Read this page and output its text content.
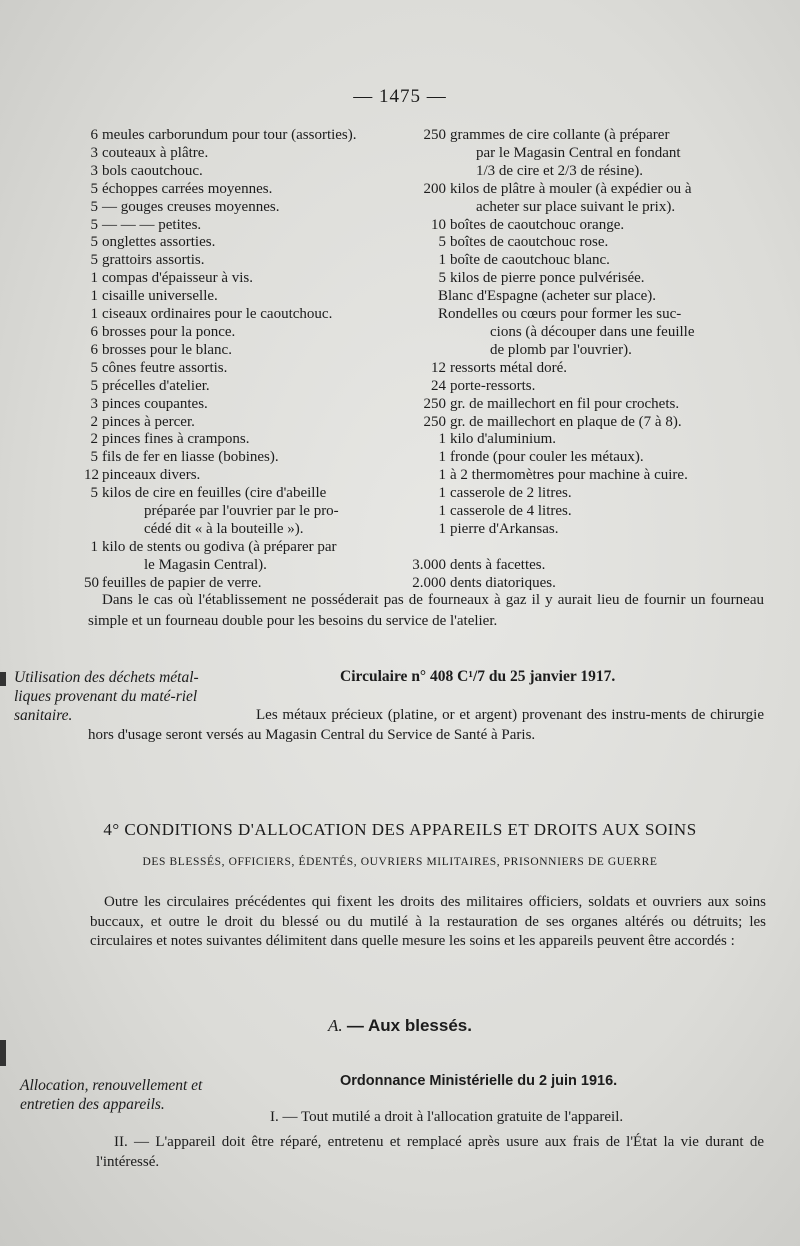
— 1475 —
6 meules carborundum pour tour (assorties).
3 couteaux à plâtre.
3 bols caoutchouc.
5 échoppes carrées moyennes.
5 — gouges creuses moyennes.
5 — — — petites.
5 onglettes assorties.
5 grattoirs assortis.
1 compas d'épaisseur à vis.
1 cisaille universelle.
1 ciseaux ordinaires pour le caoutchouc.
6 brosses pour la ponce.
6 brosses pour le blanc.
5 cônes feutre assortis.
5 précelles d'atelier.
3 pinces coupantes.
2 pinces à percer.
2 pinces fines à crampons.
5 fils de fer en liasse (bobines).
12 pinceaux divers.
5 kilos de cire en feuilles (cire d'abeille
préparée par l'ouvrier par le pro-
cédé dit « à la bouteille »).
1 kilo de stents ou godiva (à préparer par
le Magasin Central).
50 feuilles de papier de verre.
250 grammes de cire collante (à préparer
par le Magasin Central en fondant
1/3 de cire et 2/3 de résine).
200 kilos de plâtre à mouler (à expédier ou à
acheter sur place suivant le prix).
10 boîtes de caoutchouc orange.
5 boîtes de caoutchouc rose.
1 boîte de caoutchouc blanc.
5 kilos de pierre ponce pulvérisée.
Blanc d'Espagne (acheter sur place).
Rondelles ou cœurs pour former les suc-
cions (à découper dans une feuille
de plomb par l'ouvrier).
12 ressorts métal doré.
24 porte-ressorts.
250 gr. de maillechort en fil pour crochets.
250 gr. de maillechort en plaque de (7 à 8).
1 kilo d'aluminium.
1 fronde (pour couler les métaux).
1 à 2 thermomètres pour machine à cuire.
1 casserole de 2 litres.
1 casserole de 4 litres.
1 pierre d'Arkansas.

3.000 dents à facettes.
2.000 dents diatoriques.
Dans le cas où l'établissement ne posséderait pas de fourneaux à gaz il y aurait lieu de fournir un fourneau simple et un fourneau double pour les besoins du service de l'atelier.
Utilisation des déchets métal-liques provenant du maté-riel sanitaire.
Circulaire n° 408 C¹/7 du 25 janvier 1917.
Les métaux précieux (platine, or et argent) provenant des instru-ments de chirurgie hors d'usage seront versés au Magasin Central du Service de Santé à Paris.
4° CONDITIONS D'ALLOCATION DES APPAREILS ET DROITS AUX SOINS
DES BLESSÉS, OFFICIERS, ÉDENTÉS, OUVRIERS MILITAIRES, PRISONNIERS DE GUERRE
Outre les circulaires précédentes qui fixent les droits des militaires officiers, soldats et ouvriers aux soins buccaux, et outre le droit du blessé ou du mutilé à la restauration de ses organes altérés ou détruits; les circulaires et notes suivantes délimitent dans quelle mesure les soins et les appareils peuvent être accordés :
A. — Aux blessés.
Allocation, renouvellement et entretien des appareils.
Ordonnance Ministérielle du 2 juin 1916.
I. — Tout mutilé a droit à l'allocation gratuite de l'appareil.
II. — L'appareil doit être réparé, entretenu et remplacé après usure aux frais de l'État la vie durant de l'intéressé.
